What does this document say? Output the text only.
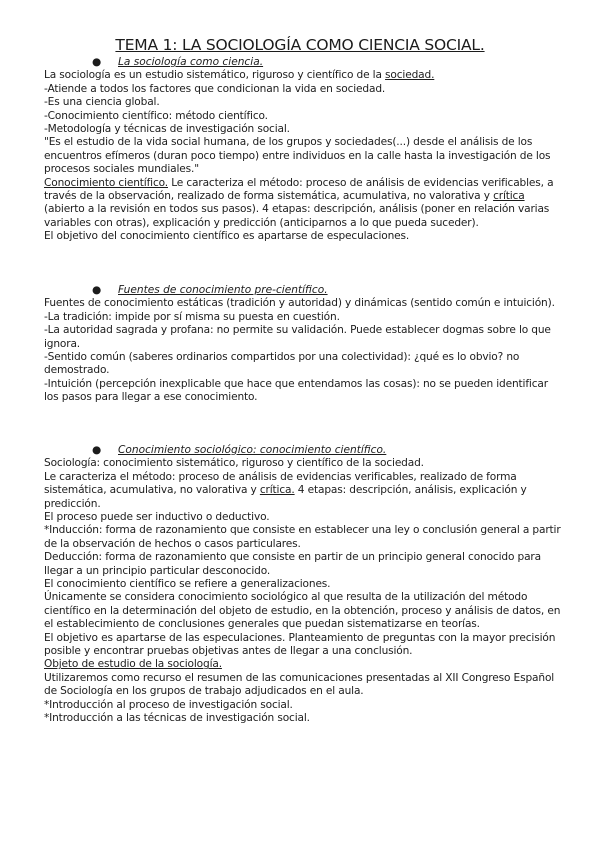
TEMA 1: LA SOCIOLOGÍA COMO CIENCIA SOCIAL.
● La sociología como ciencia.

La sociología es un estudio sistemático, riguroso y científico de la sociedad.

-Atiende a todos los factores que condicionan la vida en sociedad.

-Es una ciencia global.

-Conocimiento científico: método científico.

-Metodología y técnicas de investigación social.

"Es el estudio de la vida social humana, de los grupos y sociedades(...) desde el análisis de los encuentros efímeros (duran poco tiempo) entre individuos en la calle hasta la investigación de los procesos sociales mundiales."

Conocimiento científico. Le caracteriza el método: proceso de análisis de evidencias verificables, a través de la observación, realizado de forma sistemática, acumulativa, no valorativa y crítica (abierto a la revisión en todos sus pasos). 4 etapas: descripción, análisis (poner en relación varias variables con otras), explicación y predicción (anticiparnos a lo que pueda suceder).

El objetivo del conocimiento científico es apartarse de especulaciones.

● Fuentes de conocimiento pre-científico.

Fuentes de conocimiento estáticas (tradición y autoridad) y dinámicas (sentido común e intuición).

-La tradición: impide por sí misma su puesta en cuestión.

-La autoridad sagrada y profana: no permite su validación. Puede establecer dogmas sobre lo que ignora.

-Sentido común (saberes ordinarios compartidos por una colectividad): ¿qué es lo obvio? no demostrado.

-Intuición (percepción inexplicable que hace que entendamos las cosas): no se pueden identificar los pasos para llegar a ese conocimiento.

● Conocimiento sociológico: conocimiento científico.

Sociología: conocimiento sistemático, riguroso y científico de la sociedad.

Le caracteriza el método: proceso de análisis de evidencias verificables, realizado de forma sistemática, acumulativa, no valorativa y crítica. 4 etapas: descripción, análisis, explicación y predicción.

El proceso puede ser inductivo o deductivo.

*Inducción: forma de razonamiento que consiste en establecer una ley o conclusión general a partir de la observación de hechos o casos particulares.

Deducción: forma de razonamiento que consiste en partir de un principio general conocido para llegar a un principio particular desconocido.

El conocimiento científico se refiere a generalizaciones.

Únicamente se considera conocimiento sociológico al que resulta de la utilización del método científico en la determinación del objeto de estudio, en la obtención, proceso y análisis de datos, en el establecimiento de conclusiones generales que puedan sistematizarse en teorías.

El objetivo es apartarse de las especulaciones. Planteamiento de preguntas con la mayor precisión posible y encontrar pruebas objetivas antes de llegar a una conclusión.

Objeto de estudio de la sociología.

Utilizaremos como recurso el resumen de las comunicaciones presentadas al XII Congreso Español de Sociología en los grupos de trabajo adjudicados en el aula.

*Introducción al proceso de investigación social.

*Introducción a las técnicas de investigación social.
